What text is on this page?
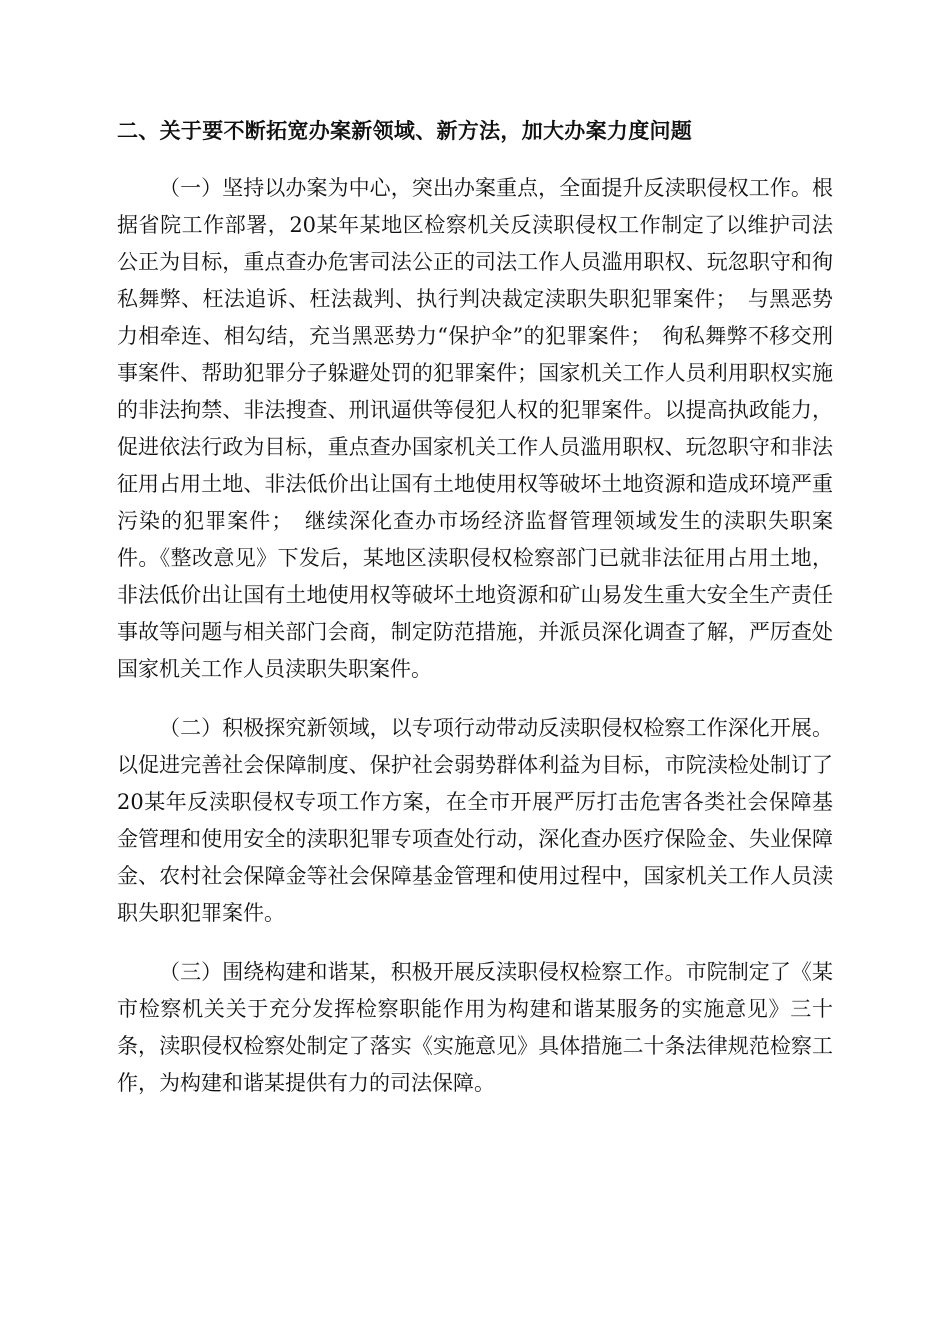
二、关于要不断拓宽办案新领域、新方法，加大办案力度问题

（一）坚持以办案为中心，突出办案重点，全面提升反渎职侵权工作。根据省院工作部署，20某年某地区检察机关反渎职侵权工作制定了以维护司法公正为目标，重点查办危害司法公正的司法工作人员滥用职权、玩忽职守和徇私舞弊、枉法追诉、枉法裁判、执行判决裁定渎职失职犯罪案件；　与黑恶势力相牵连、相勾结，充当黑恶势力“保护伞”的犯罪案件；　徇私舞弊不移交刑事案件、帮助犯罪分子躲避处罚的犯罪案件；国家机关工作人员利用职权实施的非法拘禁、非法搜查、刑讯逼供等侵犯人权的犯罪案件。以提高执政能力，促进依法行政为目标，重点查办国家机关工作人员滥用职权、玩忽职守和非法征用占用土地、非法低价出让国有土地使用权等破坏土地资源和造成环境严重污染的犯罪案件；　继续深化查办市场经济监督管理领域发生的渎职失职案件。《整改意见》下发后，某地区渎职侵权检察部门已就非法征用占用土地，非法低价出让国有土地使用权等破坏土地资源和矿山易发生重大安全生产责任事故等问题与相关部门会商，制定防范措施，并派员深化调查了解，严厉查处国家机关工作人员渎职失职案件。

（二）积极探究新领域，以专项行动带动反渎职侵权检察工作深化开展。以促进完善社会保障制度、保护社会弱势群体利益为目标，市院渎检处制订了20某年反渎职侵权专项工作方案，在全市开展严厉打击危害各类社会保障基金管理和使用安全的渎职犯罪专项查处行动，深化查办医疗保险金、失业保障金、农村社会保障金等社会保障基金管理和使用过程中，国家机关工作人员渎职失职犯罪案件。

（三）围绕构建和谐某，积极开展反渎职侵权检察工作。市院制定了《某市检察机关关于充分发挥检察职能作用为构建和谐某服务的实施意见》三十条，渎职侵权检察处制定了落实《实施意见》具体措施二十条法律规范检察工作，为构建和谐某提供有力的司法保障。
